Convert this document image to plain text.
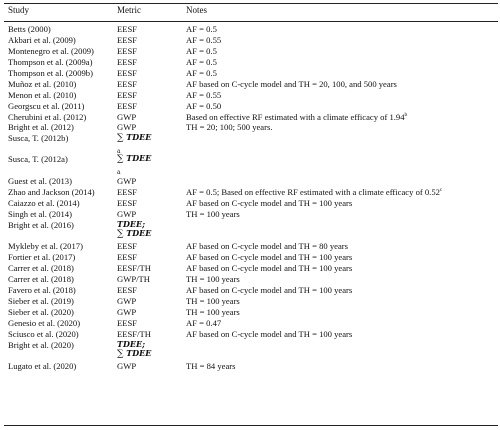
Study	Metric	Notes
Betts (2000)	EESF	AF = 0.5
Akbari et al. (2009)	EESF	AF = 0.55
Montenegro et al. (2009)	EESF	AF = 0.5
Thompson et al. (2009a)	EESF	AF = 0.5
Thompson et al. (2009b)	EESF	AF = 0.5
Muñoz et al. (2010)	EESF	AF based on C-cycle model and TH = 20, 100, and 500 years
Menon et al. (2010)	EESF	AF = 0.55
Georgscu et al. (2011)	EESF	AF = 0.50
Cherubini et al. (2012)	GWP	Based on effective RF estimated with a climate efficacy of 1.94$^b$
Bright et al. (2012)	GWP	TH = 20; 100; 500 years.
Susca, T. (2012b)	∑ TDEE
$_a$
Susca, T. (2012a)	∑ TDEE
$_a$
Guest et al. (2013)	GWP
Zhao and Jackson (2014)	EESF	AF = 0.5; Based on effective RF estimated with a climate efficacy of 0.52$^c$
Caiazzo et al. (2014)	EESF	AF based on C-cycle model and TH = 100 years
Singh et al. (2014)	GWP	TH = 100 years
Bright et al. (2016)	TDEE;
∑ TDEE
Mykleby et al. (2017)	EESF	AF based on C-cycle model and TH = 80 years
Fortier et al. (2017)	EESF	AF based on C-cycle model and TH = 100 years
Carrer et al. (2018)	EESF/TH	AF based on C-cycle model and TH = 100 years
Carrer et al. (2018)	GWP/TH	TH = 100 years
Favero et al. (2018)	EESF	AF based on C-cycle model and TH = 100 years
Sieber et al. (2019)	GWP	TH = 100 years
Sieber et al. (2020)	GWP	TH = 100 years
Genesio et al. (2020)	EESF	AF = 0.47
Sciusco et al. (2020)	EESF/TH	AF based on C-cycle model and TH = 100 years
Bright et al. (2020)	TDEE;
∑ TDEE
Lugato et al. (2020)	GWP	TH = 84 years
